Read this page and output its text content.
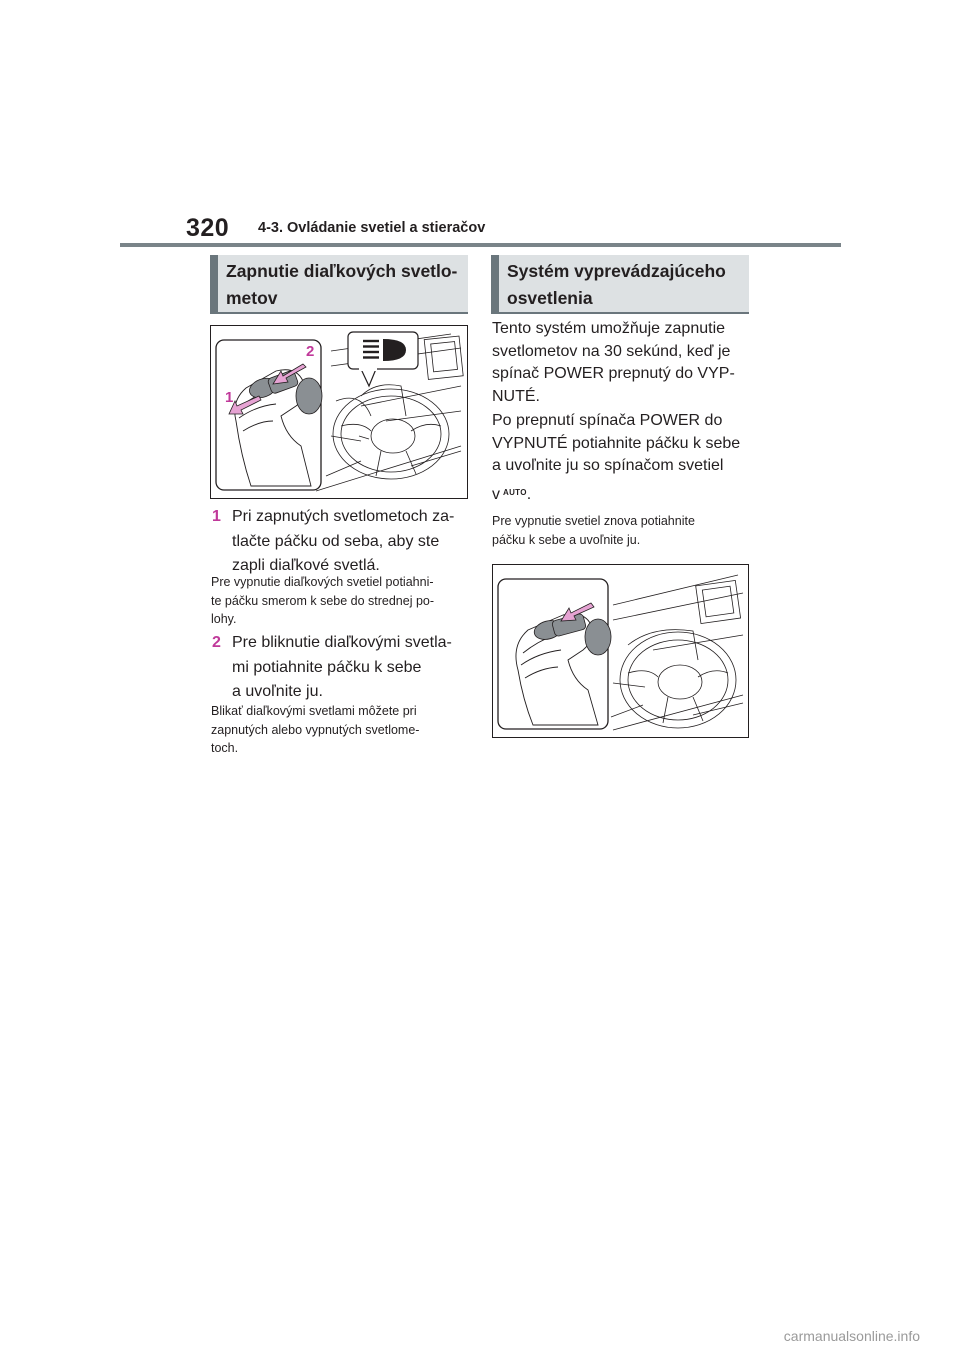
320 4-3. Ovládanie svetiel a stieračov
Zapnutie diaľkových svetlo-
metov
2
1
1 Pri zapnutých svetlometoch za-
tlačte páčku od seba, aby ste
zapli diaľkové svetlá.
Pre vypnutie diaľkových svetiel potiahni-
te páčku smerom k sebe do strednej po-
lohy.
2 Pre bliknutie diaľkovými svetla-
mi potiahnite páčku k sebe
a uvoľnite ju.
Blikať diaľkovými svetlami môžete pri
zapnutých alebo vypnutých svetlome-
toch.
Systém vyprevádzajúceho
osvetlenia
Tento systém umožňuje zapnutie
svetlometov na 30 sekúnd, keď je
spínač POWER prepnutý do VYP-
NUTÉ.
Po prepnutí spínača POWER do
VYPNUTÉ potiahnite páčku k sebe
a uvoľnite ju so spínačom svetiel
v AUTO.
Pre vypnutie svetiel znova potiahnite
páčku k sebe a uvoľnite ju.
carmanualsonline.info
